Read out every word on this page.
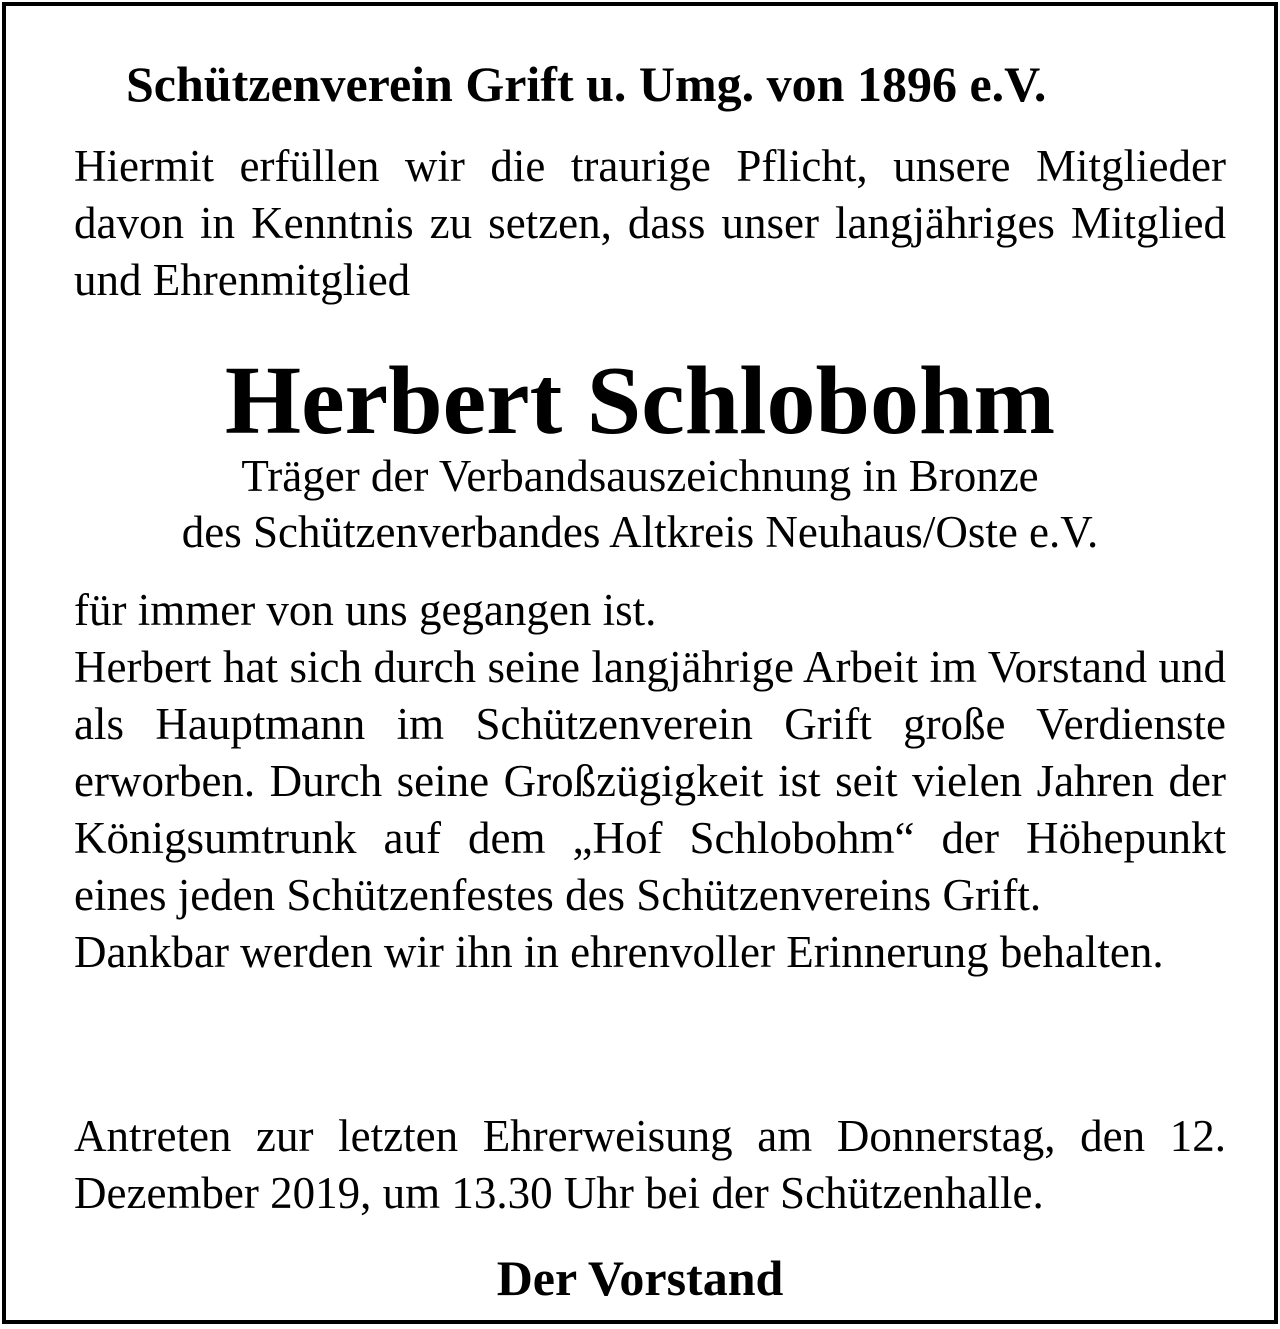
Schützenverein Grift u. Umg. von 1896 e.V.

Hiermit erfüllen wir die traurige Pflicht, unsere Mitglieder davon in Kenntnis zu setzen, dass unser langjähriges Mitglied und Ehrenmitglied

Herbert Schlobohm

Träger der Verbandsauszeichnung in Bronze

des Schützenverbandes Altkreis Neuhaus/Oste e.V.

für immer von uns gegangen ist.
Herbert hat sich durch seine langjährige Arbeit im Vorstand und als Hauptmann im Schützenverein Grift große Verdienste erworben. Durch seine Großzügigkeit ist seit vielen Jahren der Königsumtrunk auf dem „Hof Schlobohm“ der Höhepunkt eines jeden Schützenfestes des Schützenvereins Grift.
Dankbar werden wir ihn in ehrenvoller Erinnerung behalten.

Antreten zur letzten Ehrerweisung am Donnerstag, den 12. Dezember 2019, um 13.30 Uhr bei der Schützenhalle.

Der Vorstand
